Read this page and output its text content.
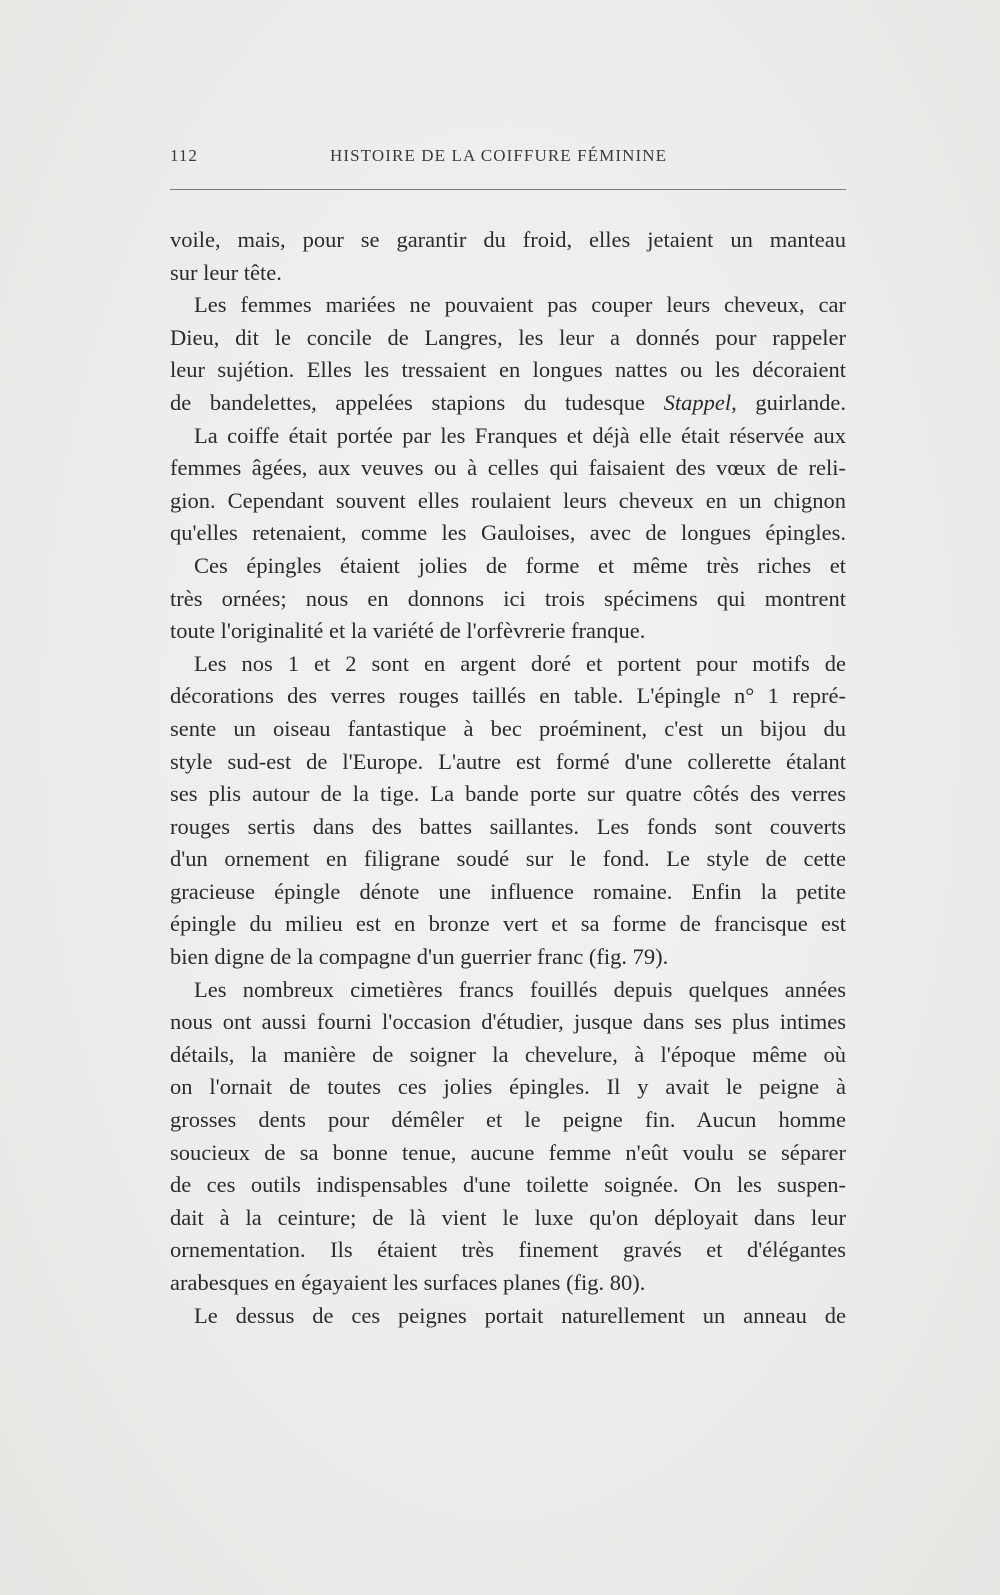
112	HISTOIRE DE LA COIFFURE FÉMININE
voile, mais, pour se garantir du froid, elles jetaient un manteau
sur leur tête.
Les femmes mariées ne pouvaient pas couper leurs cheveux, car
Dieu, dit le concile de Langres, les leur a donnés pour rappeler
leur sujétion. Elles les tressaient en longues nattes ou les décoraient
de bandelettes, appelées stapions du tudesque Stappel, guirlande.
La coiffe était portée par les Franques et déjà elle était réservée aux
femmes âgées, aux veuves ou à celles qui faisaient des vœux de reli-
gion. Cependant souvent elles roulaient leurs cheveux en un chignon
qu'elles retenaient, comme les Gauloises, avec de longues épingles.
Ces épingles étaient jolies de forme et même très riches et
très ornées; nous en donnons ici trois spécimens qui montrent
toute l'originalité et la variété de l'orfèvrerie franque.
Les nos 1 et 2 sont en argent doré et portent pour motifs de
décorations des verres rouges taillés en table. L'épingle n° 1 repré-
sente un oiseau fantastique à bec proéminent, c'est un bijou du
style sud-est de l'Europe. L'autre est formé d'une collerette étalant
ses plis autour de la tige. La bande porte sur quatre côtés des verres
rouges sertis dans des battes saillantes. Les fonds sont couverts
d'un ornement en filigrane soudé sur le fond. Le style de cette
gracieuse épingle dénote une influence romaine. Enfin la petite
épingle du milieu est en bronze vert et sa forme de francisque est
bien digne de la compagne d'un guerrier franc (fig. 79).
Les nombreux cimetières francs fouillés depuis quelques années
nous ont aussi fourni l'occasion d'étudier, jusque dans ses plus intimes
détails, la manière de soigner la chevelure, à l'époque même où
on l'ornait de toutes ces jolies épingles. Il y avait le peigne à
grosses dents pour démêler et le peigne fin. Aucun homme
soucieux de sa bonne tenue, aucune femme n'eût voulu se séparer
de ces outils indispensables d'une toilette soignée. On les suspen-
dait à la ceinture; de là vient le luxe qu'on déployait dans leur
ornementation. Ils étaient très finement gravés et d'élégantes
arabesques en égayaient les surfaces planes (fig. 80).
Le dessus de ces peignes portait naturellement un anneau de
